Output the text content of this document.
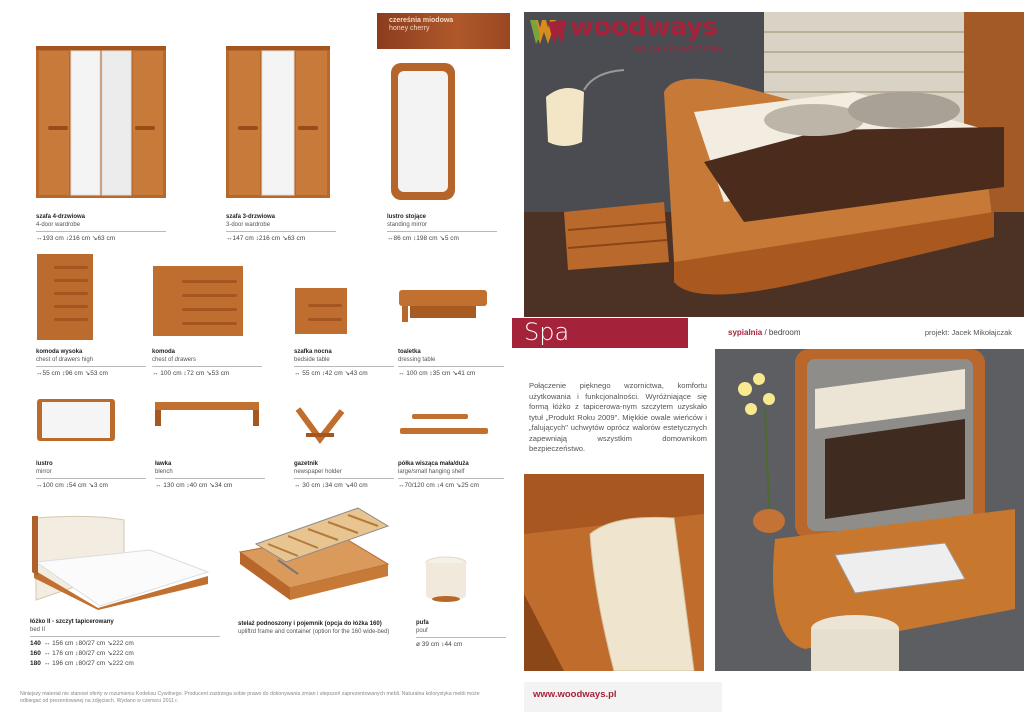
czereśnia miodowa
honey cherry
szafa 4-drzwiowa
4-door wardrobe
↔193 cm ↕216 cm ↘63 cm
szafa 3-drzwiowa
3-door wardrobe
↔147 cm ↕216 cm ↘63 cm
lustro stojące
standing mirror
↔86 cm ↕198 cm ↘5 cm
komoda wysoka
chest of drawers high
↔55 cm ↕96 cm ↘53 cm
komoda
chest of drawers
↔ 100 cm ↕72 cm ↘53 cm
szafka nocna
bedside table
↔ 55 cm ↕42 cm ↘43 cm
toaletka
dressing table
↔ 100 cm ↕35 cm ↘41 cm
lustro
mirror
↔100 cm ↕54 cm ↘3 cm
ławka
blench
↔ 130 cm ↕40 cm ↘34 cm
gazetnik
newspaper holder
↔ 30 cm ↕34 cm ↘40 cm
półka wisząca mała/duża
large/small hanging shelf
↔70/120 cm ↕4 cm ↘25 cm
łóżko II - szczyt tapicerowany
bed II
140 ↔ 156 cm ↕80/27 cm ↘222 cm
160 ↔ 176 cm ↕80/27 cm ↘222 cm
180 ↔ 196 cm ↕80/27 cm ↘222 cm
stelaż podnoszony i pojemnik (opcja do łóżka 160)
upliftrd frame and container (option for the 160 wide-bed)
pufa
pouf
ø 39 cm ↕44 cm
Niniejszy materiał nie stanowi oferty w rozumieniu Kodeksu Cywilnego. Producent zastrzega sobie prawo do dokonywania zmian i ulepszeń zaprezentowanych mebli. Naturalna kolorystyka mebli może odbiegać od prezentowanej na zdjęciach. Wydano w czerwcu 2011 r.
woodways
Grupa Paged Meble
Spa	sypialnia / bedroom	projekt: Jacek Mikołajczak
Połączenie pięknego wzornictwa, komfortu użytkowania i funkcjonalności. Wyróżniające się formą łóżko z tapicerowa-nym szczytem uzyskało tytuł „Produkt Roku 2009". Miękkie owale wieńców i „falujących" uchwytów oprócz walorów estetycznych zapewniają wszystkim domownikom bezpieczeństwo.
www.woodways.pl
